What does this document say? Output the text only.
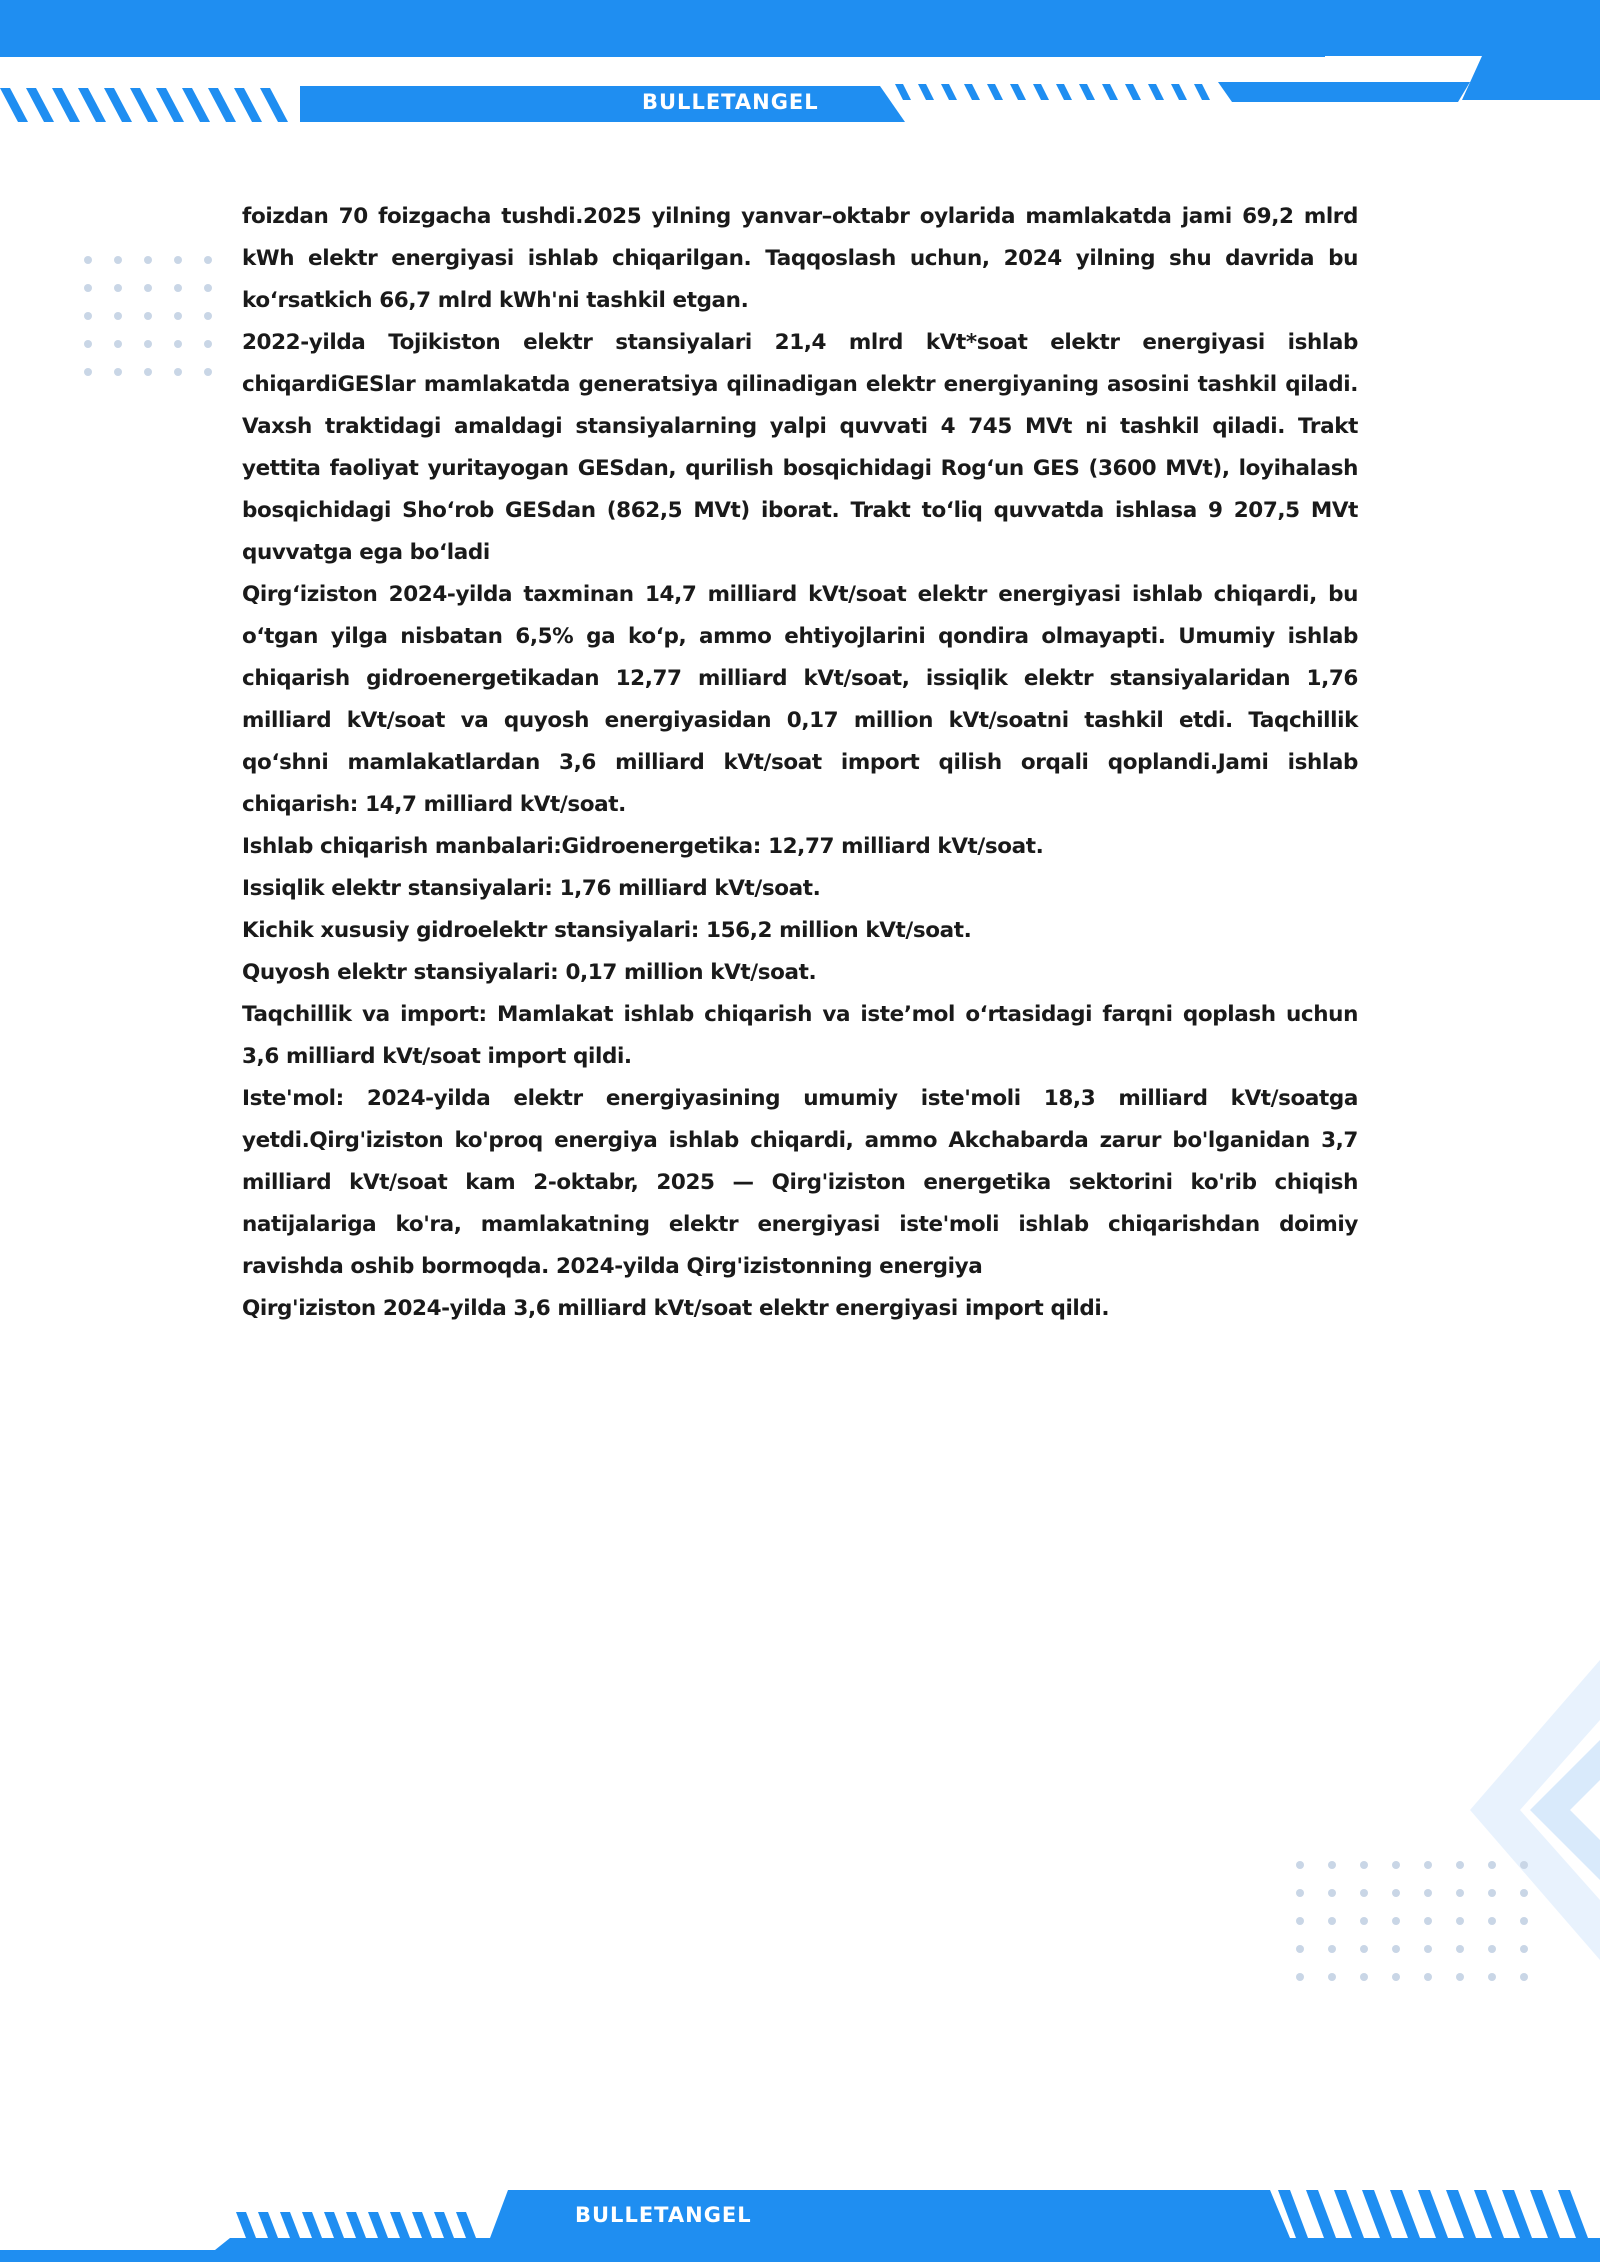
BULLETANGEL

foizdan 70 foizgacha tushdi.2025 yilning yanvar–oktabr oylarida mamlakatda jami 69,2 mlrd kWh elektr energiyasi ishlab chiqarilgan. Taqqoslash uchun, 2024 yilning shu davrida bu koʻrsatkich 66,7 mlrd kWh'ni tashkil etgan.

2022-yilda Tojikiston elektr stansiyalari 21,4 mlrd kVt*soat elektr energiyasi ishlab chiqardiGESlar mamlakatda generatsiya qilinadigan elektr energiyaning asosini tashkil qiladi. Vaxsh traktidagi amaldagi stansiyalarning yalpi quvvati 4 745 MVt ni tashkil qiladi. Trakt yettita faoliyat yuritayogan GESdan, qurilish bosqichidagi Rogʻun GES (3600 MVt), loyihalash bosqichidagi Shoʻrob GESdan (862,5 MVt) iborat. Trakt toʻliq quvvatda ishlasa 9 207,5 MVt quvvatga ega boʻladi

Qirgʻiziston 2024-yilda taxminan 14,7 milliard kVt/soat elektr energiyasi ishlab chiqardi, bu oʻtgan yilga nisbatan 6,5% ga koʻp, ammo ehtiyojlarini qondira olmayapti. Umumiy ishlab chiqarish gidroenergetikadan 12,77 milliard kVt/soat, issiqlik elektr stansiyalaridan 1,76 milliard kVt/soat va quyosh energiyasidan 0,17 million kVt/soatni tashkil etdi. Taqchillik qoʻshni mamlakatlardan 3,6 milliard kVt/soat import qilish orqali qoplandi.Jami ishlab chiqarish: 14,7 milliard kVt/soat.

Ishlab chiqarish manbalari:Gidroenergetika: 12,77 milliard kVt/soat.

Issiqlik elektr stansiyalari: 1,76 milliard kVt/soat.

Kichik xususiy gidroelektr stansiyalari: 156,2 million kVt/soat.

Quyosh elektr stansiyalari: 0,17 million kVt/soat.

Taqchillik va import: Mamlakat ishlab chiqarish va iste’mol oʻrtasidagi farqni qoplash uchun 3,6 milliard kVt/soat import qildi.

Iste'mol: 2024-yilda elektr energiyasining umumiy iste'moli 18,3 milliard kVt/soatga yetdi.Qirg'iziston ko'proq energiya ishlab chiqardi, ammo Akchabarda zarur bo'lganidan 3,7 milliard kVt/soat kam 2-oktabr, 2025 — Qirg'iziston energetika sektorini ko'rib chiqish natijalariga ko'ra, mamlakatning elektr energiyasi iste'moli ishlab chiqarishdan doimiy ravishda oshib bormoqda. 2024-yilda Qirg'izistonning energiya

Qirg'iziston 2024-yilda 3,6 milliard kVt/soat elektr energiyasi import qildi.

BULLETANGEL
